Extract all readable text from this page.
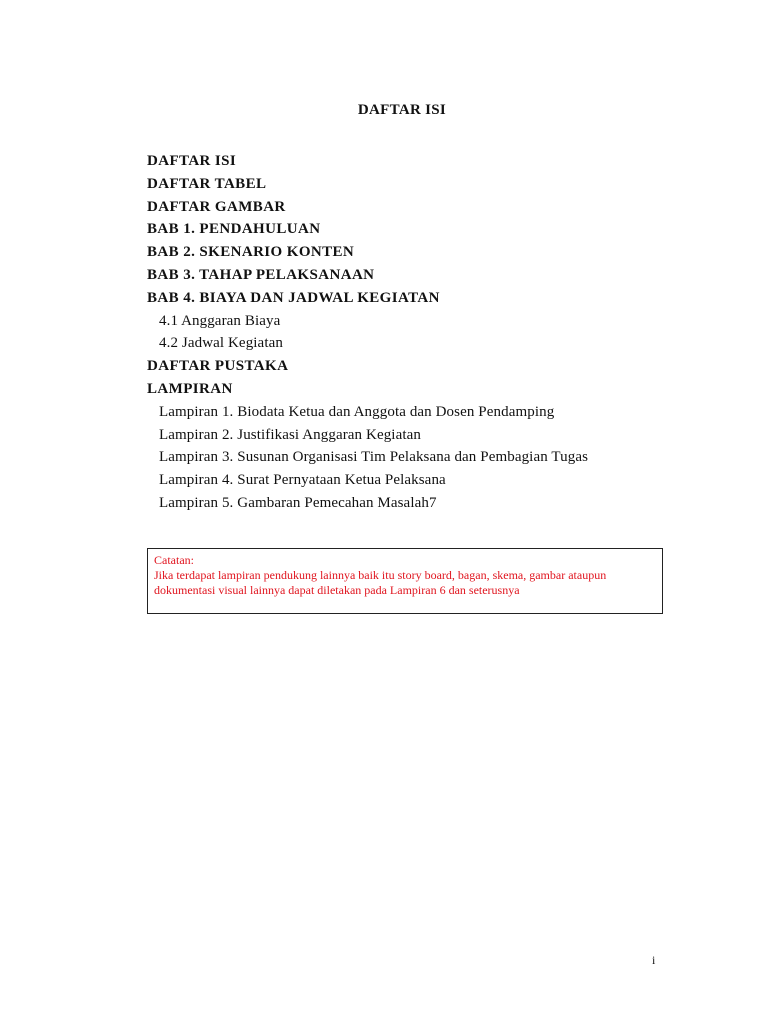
DAFTAR ISI
DAFTAR ISI
DAFTAR TABEL
DAFTAR GAMBAR
BAB 1. PENDAHULUAN
BAB 2. SKENARIO KONTEN
BAB 3. TAHAP PELAKSANAAN
BAB 4. BIAYA DAN JADWAL KEGIATAN
4.1 Anggaran Biaya
4.2 Jadwal Kegiatan
DAFTAR PUSTAKA
LAMPIRAN
Lampiran 1. Biodata Ketua dan Anggota dan Dosen Pendamping
Lampiran 2. Justifikasi Anggaran Kegiatan
Lampiran 3. Susunan Organisasi Tim Pelaksana dan Pembagian Tugas
Lampiran 4. Surat Pernyataan Ketua Pelaksana
Lampiran 5. Gambaran Pemecahan Masalah7

Catatan:

Jika terdapat lampiran pendukung lainnya baik itu story board, bagan, skema, gambar ataupun

dokumentasi visual lainnya dapat diletakan pada Lampiran 6 dan seterusnya

i
